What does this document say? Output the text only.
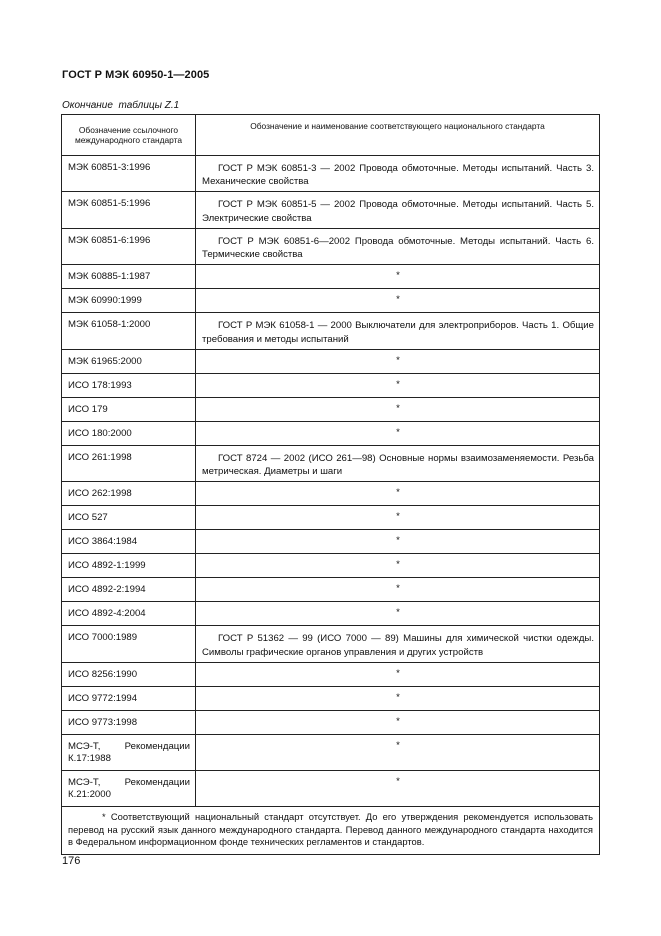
ГОСТ Р МЭК 60950-1—2005
Окончание таблицы Z.1
Обозначение ссылочного международного стандарта	Обозначение и наименование соответствующего национального стандарта
МЭК 60851-3:1996	ГОСТ Р МЭК 60851-3 — 2002 Провода обмоточные. Методы испытаний. Часть 3. Механические свойства
МЭК 60851-5:1996	ГОСТ Р МЭК 60851-5 — 2002 Провода обмоточные. Методы испытаний. Часть 5. Электрические свойства
МЭК 60851-6:1996	ГОСТ Р МЭК 60851-6—2002 Провода обмоточные. Методы испытаний. Часть 6. Термические свойства
МЭК 60885-1:1987	*
МЭК 60990:1999	*
МЭК 61058-1:2000	ГОСТ Р МЭК 61058-1 — 2000 Выключатели для электроприборов. Часть 1. Общие требования и методы испытаний
МЭК 61965:2000	*
ИСО 178:1993	*
ИСО 179	*
ИСО 180:2000	*
ИСО 261:1998	ГОСТ 8724 — 2002 (ИСО 261—98) Основные нормы взаимозаменяемости. Резьба метрическая. Диаметры и шаги
ИСО 262:1998	*
ИСО 527	*
ИСО 3864:1984	*
ИСО 4892-1:1999	*
ИСО 4892-2:1994	*
ИСО 4892-4:2004	*
ИСО 7000:1989	ГОСТ Р 51362 — 99 (ИСО 7000 — 89) Машины для химической чистки одежды. Символы графические органов управления и других устройств
ИСО 8256:1990	*
ИСО 9772:1994	*
ИСО 9773:1998	*
МСЭ-Т, Рекомендации
К.17:1988	*
МСЭ-Т, Рекомендации
К.21:2000	*
* Соответствующий национальный стандарт отсутствует. До его утверждения рекомендуется использовать перевод на русский язык данного международного стандарта. Перевод данного международного стандарта находится в Федеральном информационном фонде технических регламентов и стандартов.	
176
